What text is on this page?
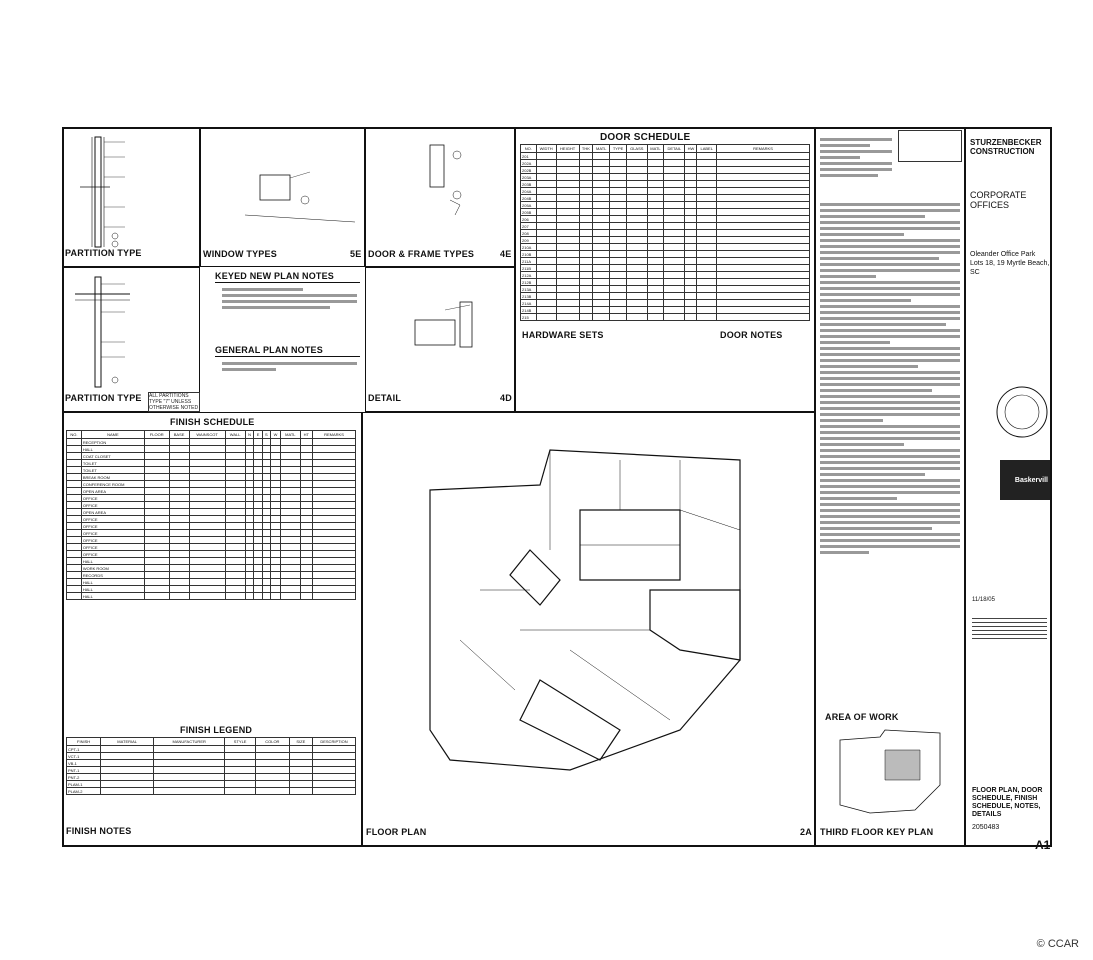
PARTITION TYPE
PARTITION TYPE ALL PARTITIONS TYPE "7" UNLESS OTHERWISE NOTED
WINDOW TYPES	5E DOOR & FRAME TYPES	4E
KEYED NEW PLAN NOTES
GENERAL PLAN NOTES
DETAIL	4D
DOOR SCHEDULE
NO.	WIDTH	HEIGHT	THK	MATL	TYPE	GLASS	MATL	DETAIL	HW	LABEL	REMARKS
201											
202A											
202B											
203A											
203B											
204A											
204B											
205A											
205B											
206											
207											
208											
209											
210A											
210B											
211A											
211B											
212A											
212B											
213A											
213B											
214A											
214B											
215											
HARDWARE SETS	DOOR NOTES
FINISH SCHEDULE
NO.	NAME	FLOOR	BASE	WAINSCOT	WALL	N	E	S	W	MATL	HT	REMARKS
	RECEPTION											
	HALL											
	COAT CLOSET											
	TOILET											
	TOILET											
	BREAK ROOM											
	CONFERENCE ROOM											
	OPEN AREA											
	OFFICE											
	OFFICE											
	OPEN AREA											
	OFFICE											
	OFFICE											
	OFFICE											
	OFFICE											
	OFFICE											
	OFFICE											
	HALL											
	WORK ROOM											
	RECORDS											
	HALL											
	HALL											
	HALL											
FINISH LEGEND
FINISH	MATERIAL	MANUFACTURER	STYLE	COLOR	SIZE	DESCRIPTION
CPT-1						
VCT-1						
VB-1						
PNT-1						
PNT-2						
PLAM-1						
PLAM-2						
FINISH NOTES	FLOOR PLAN	2A THIRD FLOOR KEY PLAN
AREA OF WORK
STURZENBECKER CONSTRUCTION
CORPORATE OFFICES
Oleander Office Park Lots 18, 19 Myrtle Beach, SC
Baskervill
11/18/05
FLOOR PLAN, DOOR SCHEDULE, FINISH SCHEDULE, NOTES, DETAILS
2050483
A1
© CCAR
